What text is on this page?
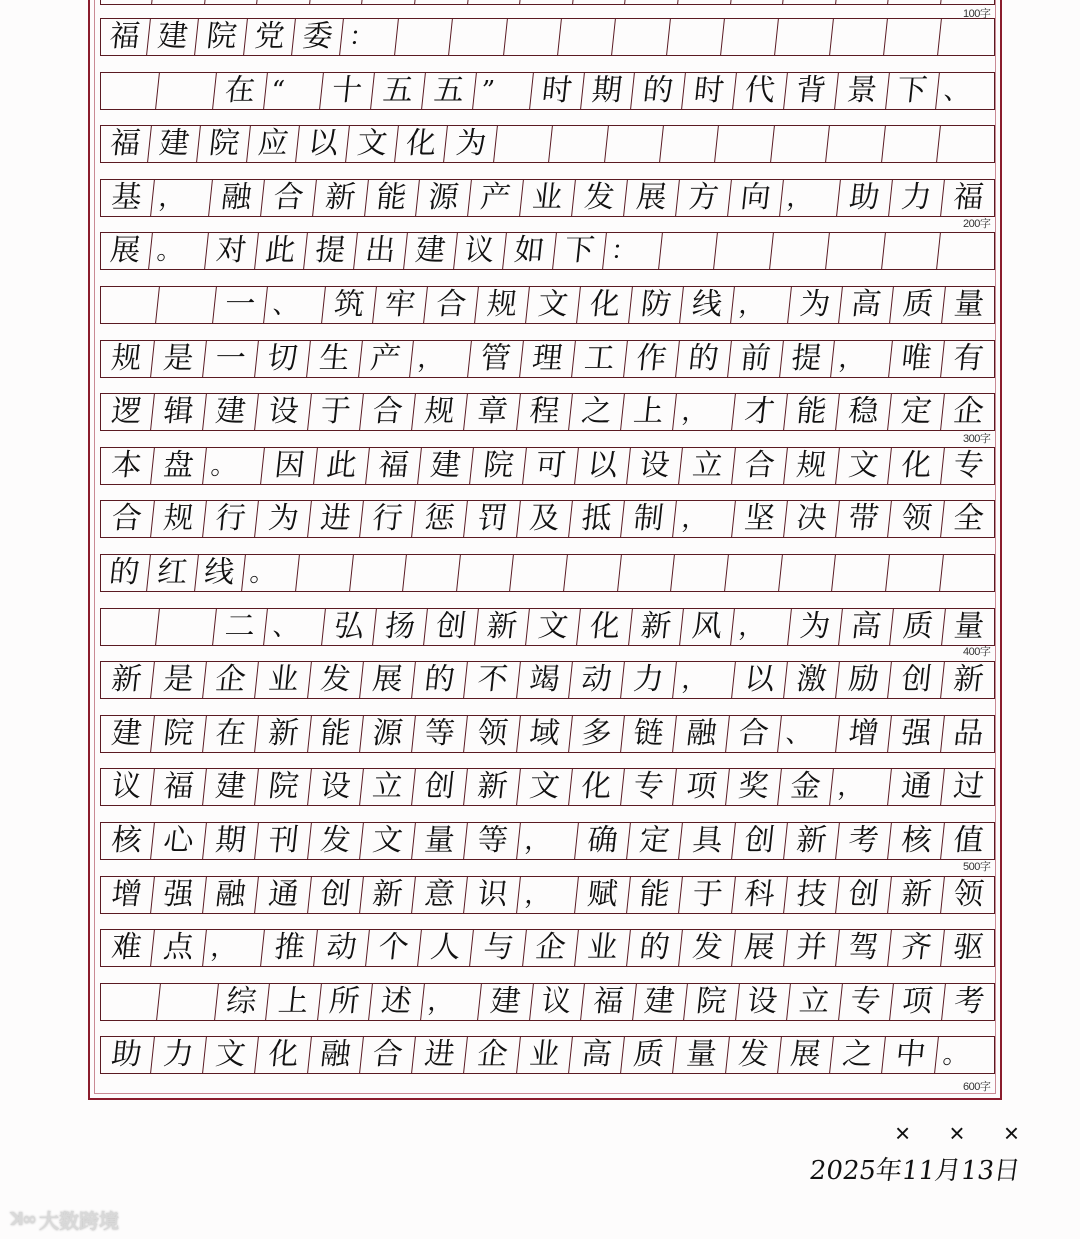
福 建 院 党 委 ：
在 “	十 五 五 ”	时 期 的 时 代 背 景 下 、
福 建 院 应 以 文 化 为
基 ，	融 合 新 能 源 产 业 发 展 方 向 ，	助 力 福
展 。 对 此 提 出 建 议 如 下 ：
一 、	筑 牢 合 规 文 化 防 线 ，	为 高 质 量
规 是 一 切 生 产 ，	管 理 工 作 的 前 提 ，	唯 有
逻 辑 建 设 于 合 规 章 程 之 上 ，	才 能 稳 定 企
本 盘 。	因 此 福 建 院 可 以 设 立 合 规 文 化 专
合 规 行 为 进 行 惩 罚 及 抵 制 ，	坚 决 带 领 全
的 红 线 。
二 、	弘 扬 创 新 文 化 新 风 ，	为 高 质 量
新 是 企 业 发 展 的 不 竭 动 力 ，	以 激 励 创 新
建 院 在 新 能 源 等 领 域 多 链 融 合 、	增 强 品
议 福 建 院 设 立 创 新 文 化 专 项 奖 金 ，	通 过
核 心 期 刊 发 文 量 等 ，	确 定 具 创 新 考 核 值
增 强 融 通 创 新 意 识 ，	赋 能 于 科 技 创 新 领
难 点 ，	推 动 个 人 与 企 业 的 发 展 并 驾 齐 驱
综 上 所 述 ，	建 议 福 建 院 设 立 专 项 考
助 力 文 化 融 合 进 企 业 高 质 量 发 展 之 中 。
100字
200字
300字
400字
500字
600字
× × ×
2025年11月13日
ꓘ∞ 大数跨境
